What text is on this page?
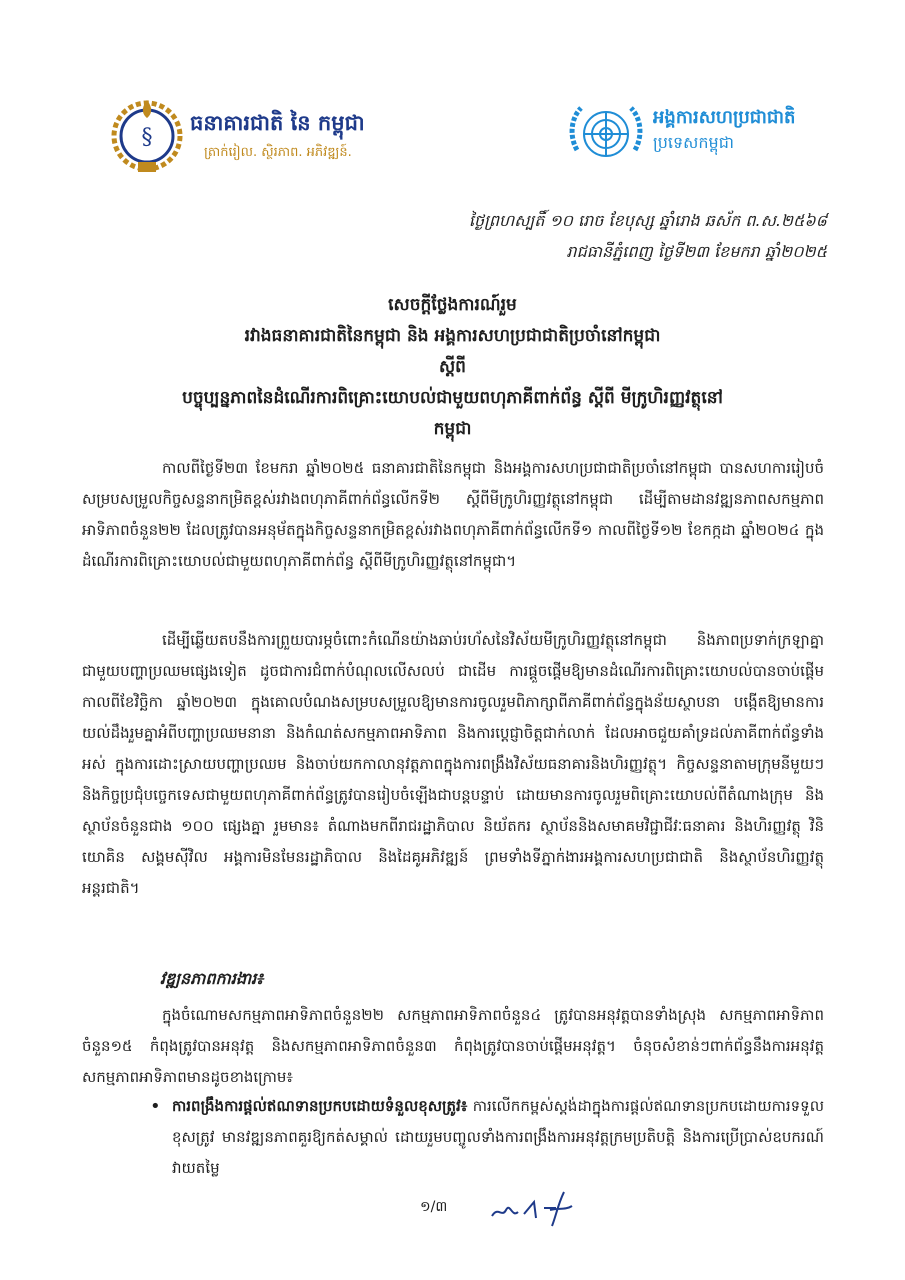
§
ធនាគារជាតិ នៃ កម្ពុជា
ត្រាក់រៀល. ស្ថិរភាព. អភិវឌ្ឍន៍.
អង្គការសហប្រជាជាតិ
ប្រទេសកម្ពុជា
ថ្ងៃព្រហស្បតិ៍ ១០ រោច ខែបុស្ស ឆ្នាំរោង ឆស័ក ព.ស.២៥៦៨
រាជធានីភ្នំពេញ ថ្ងៃទី២៣ ខែមករា ឆ្នាំ២០២៥
សេចក្ដីថ្លែងការណ៍រួម
រវាងធនាគារជាតិនៃកម្ពុជា និង អង្គការសហប្រជាជាតិប្រចាំនៅកម្ពុជា
ស្ដីពី
បច្ចុប្បន្នភាពនៃដំណើរការពិគ្រោះយោបល់ជាមួយពហុភាគីពាក់ព័ន្ធ ស្ដីពី មីក្រូហិរញ្ញវត្ថុនៅ
កម្ពុជា

កាលពីថ្ងៃទី២៣ ខែមករា ឆ្នាំ២០២៥ ធនាគារជាតិនៃកម្ពុជា និងអង្គការសហប្រជាជាតិប្រចាំនៅកម្ពុជា បានសហការរៀបចំសម្របសម្រួលកិច្ចសន្ទនាកម្រិតខ្ពស់រវាងពហុភាគីពាក់ព័ន្ធលើកទី២ ស្ដីពីមីក្រូហិរញ្ញវត្ថុនៅកម្ពុជា ដើម្បីតាមដានវឌ្ឍនភាពសកម្មភាពអាទិភាពចំនួន២២ ដែលត្រូវបានអនុម័តក្នុងកិច្ចសន្ទនាកម្រិតខ្ពស់រវាងពហុភាគីពាក់ព័ន្ធលើកទី១ កាលពីថ្ងៃទី១២ ខែកក្កដា ឆ្នាំ២០២៤ ក្នុងដំណើរការពិគ្រោះយោបល់ជាមួយពហុភាគីពាក់ព័ន្ធ ស្ដីពីមីក្រូហិរញ្ញវត្ថុនៅកម្ពុជា។

ដើម្បីឆ្លើយតបនឹងការព្រួយបារម្ភចំពោះកំណើនយ៉ាងឆាប់រហ័សនៃវិស័យមីក្រូហិរញ្ញវត្ថុនៅកម្ពុជា និងភាពប្រទាក់ក្រឡាគ្នាជាមួយបញ្ហាប្រឈមផ្សេងទៀត ដូចជាការជំពាក់បំណុលលើសលប់ ជាដើម ការផ្ដួចផ្ដើមឱ្យមានដំណើរការពិគ្រោះយោបល់បានចាប់ផ្ដើមកាលពីខែវិច្ឆិកា ឆ្នាំ២០២៣ ក្នុងគោលបំណងសម្របសម្រួលឱ្យមានការចូលរួមពិភាក្សាពីភាគីពាក់ព័ន្ធក្នុងន័យស្ថាបនា បង្កើតឱ្យមានការយល់ដឹងរួមគ្នាអំពីបញ្ហាប្រឈមនានា និងកំណត់សកម្មភាពអាទិភាព និងការប្ដេជ្ញាចិត្តជាក់លាក់ ដែលអាចជួយគាំទ្រដល់ភាគីពាក់ព័ន្ធទាំងអស់ ក្នុងការដោះស្រាយបញ្ហាប្រឈម និងចាប់យកកាលានុវត្តភាពក្នុងការពង្រឹងវិស័យធនាគារនិងហិរញ្ញវត្ថុ។ កិច្ចសន្ទនាតាមក្រុមនីមួយៗ និងកិច្ចប្រជុំបច្ចេកទេសជាមួយពហុភាគីពាក់ព័ន្ធត្រូវបានរៀបចំឡើងជាបន្តបន្ទាប់ ដោយមានការចូលរួមពិគ្រោះយោបល់ពីតំណាងក្រុម និងស្ថាប័នចំនួនជាង ១០០ ផ្សេងគ្នា រួមមាន៖ តំណាងមកពីរាជរដ្ឋាភិបាល និយ័តករ ស្ថាប័ននិងសមាគមវិជ្ជាជីវៈធនាគារ និងហិរញ្ញវត្ថុ វិនិយោគិន សង្គមស៊ីវិល អង្គការមិនមែនរដ្ឋាភិបាល និងដៃគូអភិវឌ្ឍន៍ ព្រមទាំងទីភ្នាក់ងារអង្គការសហប្រជាជាតិ និងស្ថាប័នហិរញ្ញវត្ថុអន្តរជាតិ។

វឌ្ឍនភាពការងារ៖

ក្នុងចំណោមសកម្មភាពអាទិភាពចំនួន២២ សកម្មភាពអាទិភាពចំនួន៤ ត្រូវបានអនុវត្តបានទាំងស្រុង សកម្មភាពអាទិភាពចំនួន១៥ កំពុងត្រូវបានអនុវត្ត និងសកម្មភាពអាទិភាពចំនួន៣ កំពុងត្រូវបានចាប់ផ្ដើមអនុវត្ត។ ចំនុចសំខាន់ៗពាក់ព័ន្ធនឹងការអនុវត្តសកម្មភាពអាទិភាពមានដូចខាងក្រោម៖

• ការពង្រឹងការផ្ដល់ឥណទានប្រកបដោយទំនួលខុសត្រូវ៖ ការលើកកម្ពស់ស្តង់ដាក្នុងការផ្ដល់ឥណទានប្រកបដោយការទទួលខុសត្រូវ មានវឌ្ឍនភាពគួរឱ្យកត់សម្គាល់ ដោយរួមបញ្ចូលទាំងការពង្រឹងការអនុវត្តក្រមប្រតិបត្តិ និងការប្រើប្រាស់ឧបករណ៍វាយតម្លៃ

១/៣
